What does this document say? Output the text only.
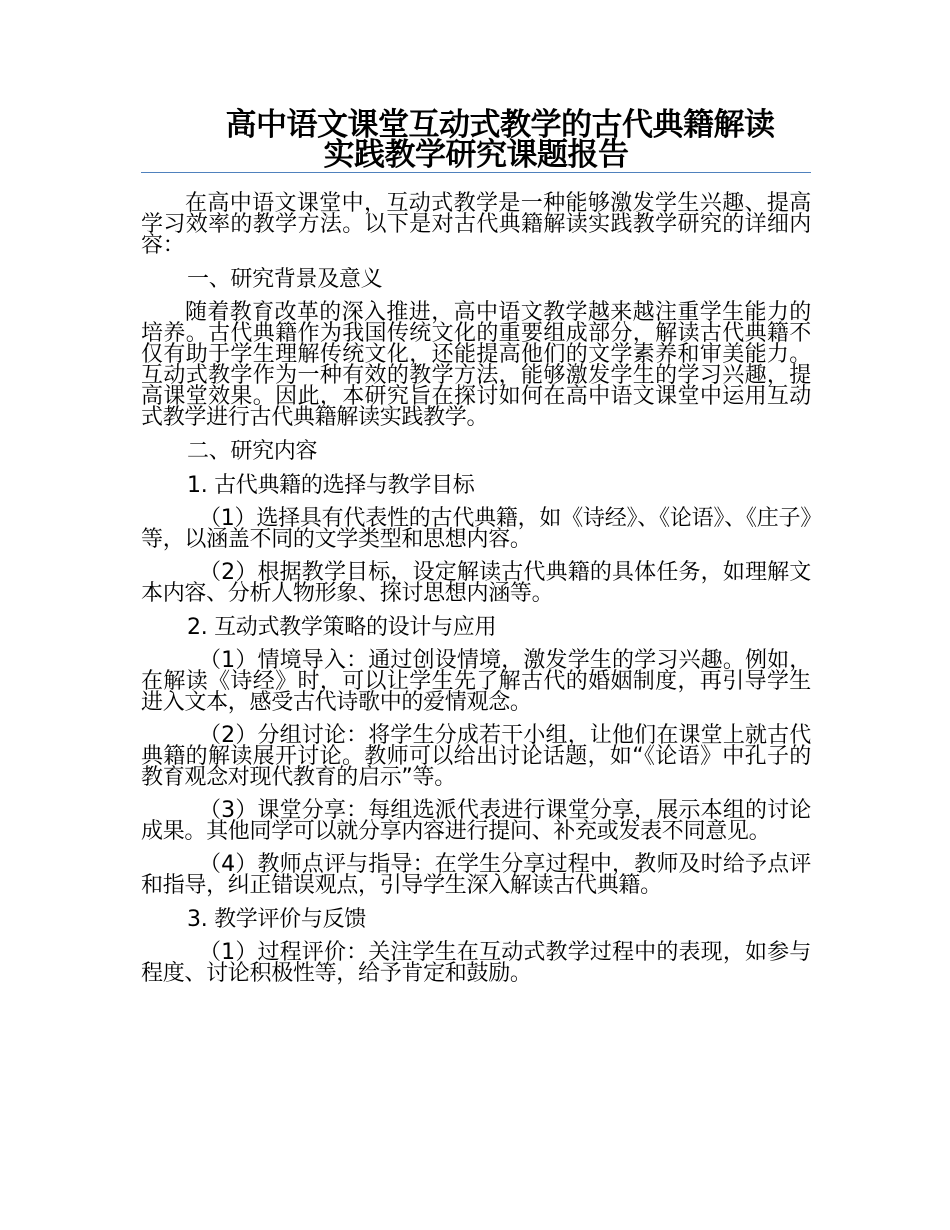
高中语文课堂互动式教学的古代典籍解读
实践教学研究课题报告

在高中语文课堂中，互动式教学是一种能够激发学生兴趣、提高学习效率的教学方法。以下是对古代典籍解读实践教学研究的详细内容：

一、研究背景及意义

随着教育改革的深入推进，高中语文教学越来越注重学生能力的培养。古代典籍作为我国传统文化的重要组成部分，解读古代典籍不仅有助于学生理解传统文化，还能提高他们的文学素养和审美能力。互动式教学作为一种有效的教学方法，能够激发学生的学习兴趣，提高课堂效果。因此，本研究旨在探讨如何在高中语文课堂中运用互动式教学进行古代典籍解读实践教学。

二、研究内容

1. 古代典籍的选择与教学目标

（1）选择具有代表性的古代典籍，如《诗经》、《论语》、《庄子》等，以涵盖不同的文学类型和思想内容。

（2）根据教学目标，设定解读古代典籍的具体任务，如理解文本内容、分析人物形象、探讨思想内涵等。

2. 互动式教学策略的设计与应用

（1）情境导入：通过创设情境，激发学生的学习兴趣。例如，在解读《诗经》时，可以让学生先了解古代的婚姻制度，再引导学生进入文本，感受古代诗歌中的爱情观念。

（2）分组讨论：将学生分成若干小组，让他们在课堂上就古代典籍的解读展开讨论。教师可以给出讨论话题，如“《论语》中孔子的教育观念对现代教育的启示”等。

（3）课堂分享：每组选派代表进行课堂分享，展示本组的讨论成果。其他同学可以就分享内容进行提问、补充或发表不同意见。

（4）教师点评与指导：在学生分享过程中，教师及时给予点评和指导，纠正错误观点，引导学生深入解读古代典籍。

3. 教学评价与反馈

（1）过程评价：关注学生在互动式教学过程中的表现，如参与程度、讨论积极性等，给予肯定和鼓励。
